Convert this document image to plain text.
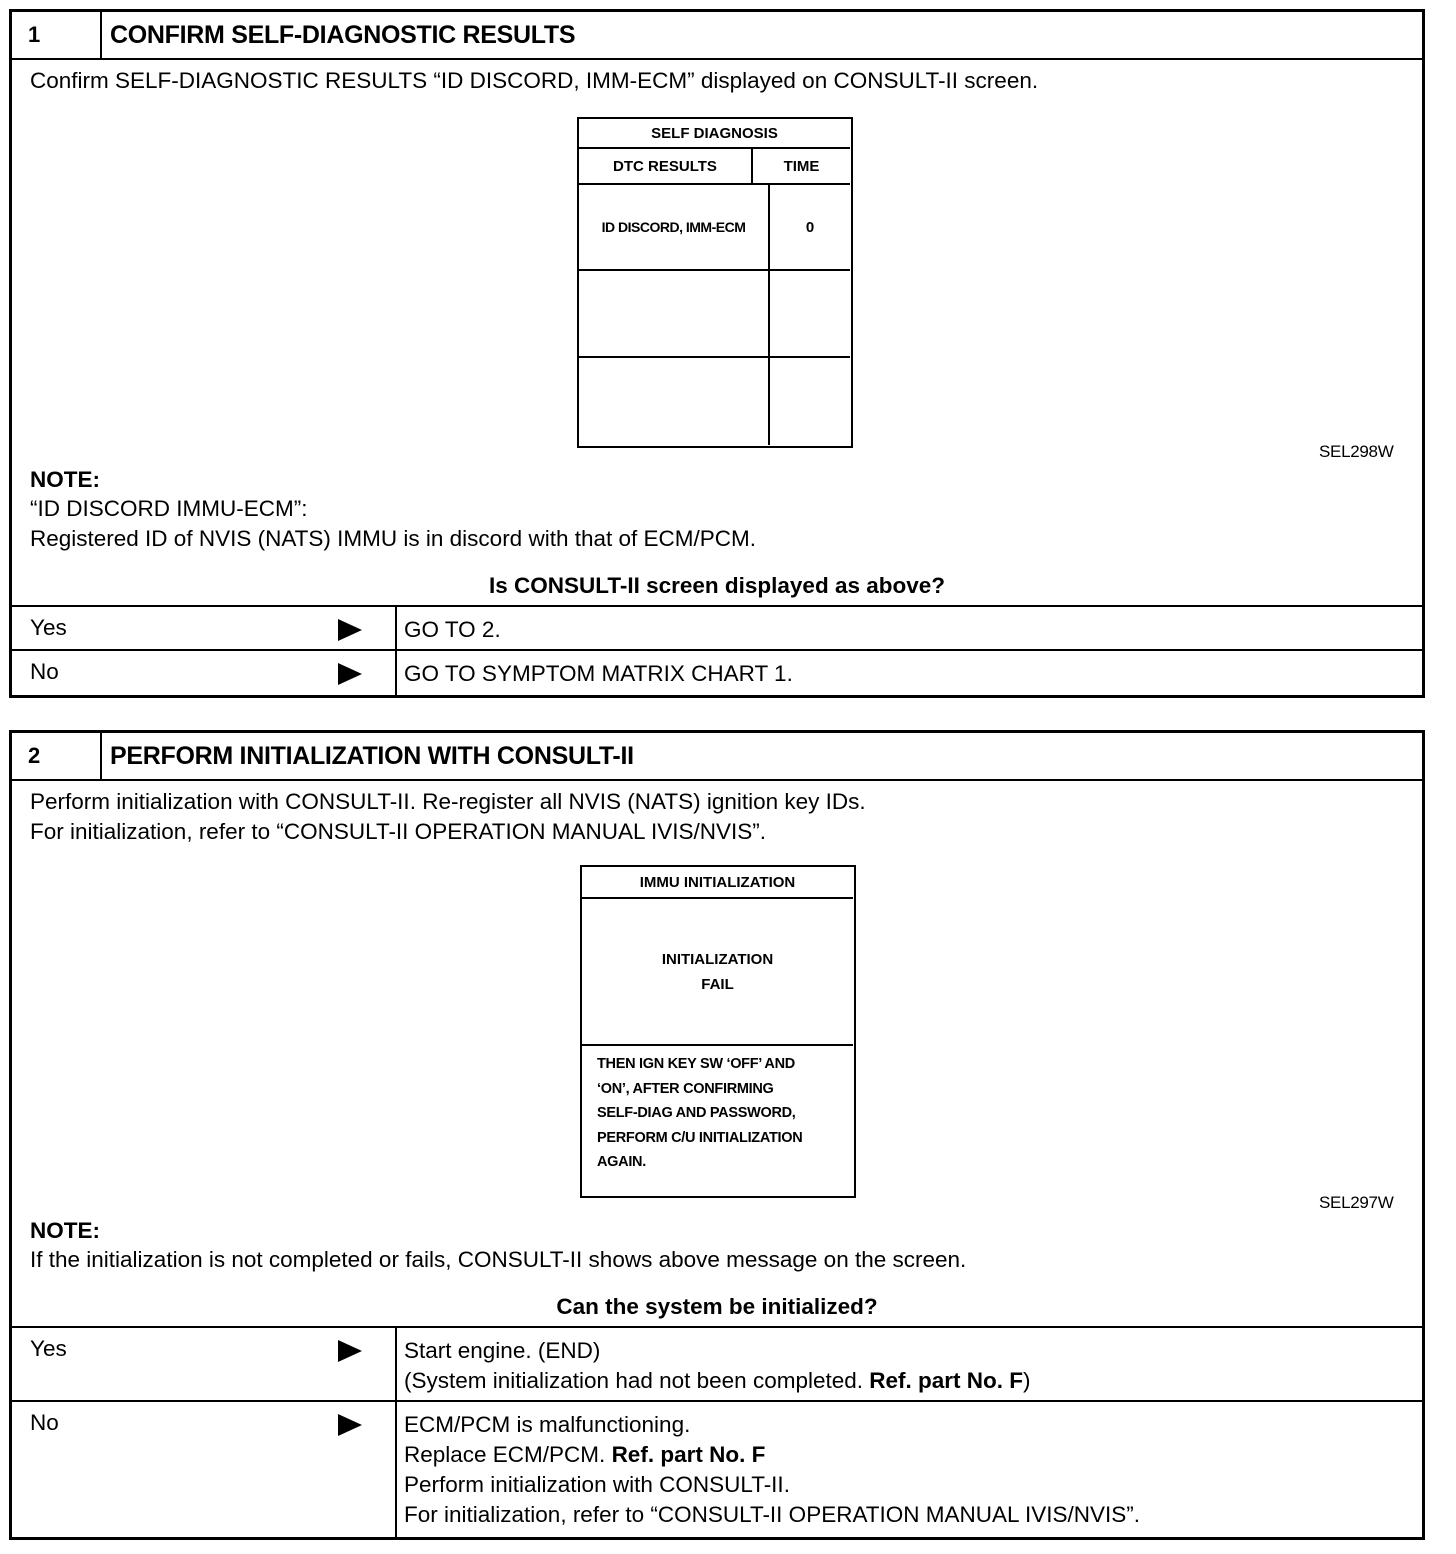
1	CONFIRM SELF-DIAGNOSTIC RESULTS
Confirm SELF-DIAGNOSTIC RESULTS “ID DISCORD, IMM-ECM” displayed on CONSULT-II screen.
SELF DIAGNOSIS
DTC RESULTS	TIME
ID DISCORD, IMM-ECM	0
SEL298W
NOTE:
“ID DISCORD IMMU-ECM”:
Registered ID of NVIS (NATS) IMMU is in discord with that of ECM/PCM.
Is CONSULT-II screen displayed as above?
Yes	GO TO 2.
No	GO TO SYMPTOM MATRIX CHART 1.
2	PERFORM INITIALIZATION WITH CONSULT-II
Perform initialization with CONSULT-II. Re-register all NVIS (NATS) ignition key IDs.
For initialization, refer to “CONSULT-II OPERATION MANUAL IVIS/NVIS”.
IMMU INITIALIZATION
INITIALIZATION
FAIL
THEN IGN KEY SW ‘OFF’ AND
‘ON’, AFTER CONFIRMING
SELF-DIAG AND PASSWORD,
PERFORM C/U INITIALIZATION
AGAIN.
SEL297W
NOTE:
If the initialization is not completed or fails, CONSULT-II shows above message on the screen.
Can the system be initialized?
Yes	Start engine. (END)
(System initialization had not been completed. Ref. part No. F)
No	ECM/PCM is malfunctioning.
Replace ECM/PCM. Ref. part No. F
Perform initialization with CONSULT-II.
For initialization, refer to “CONSULT-II OPERATION MANUAL IVIS/NVIS”.
